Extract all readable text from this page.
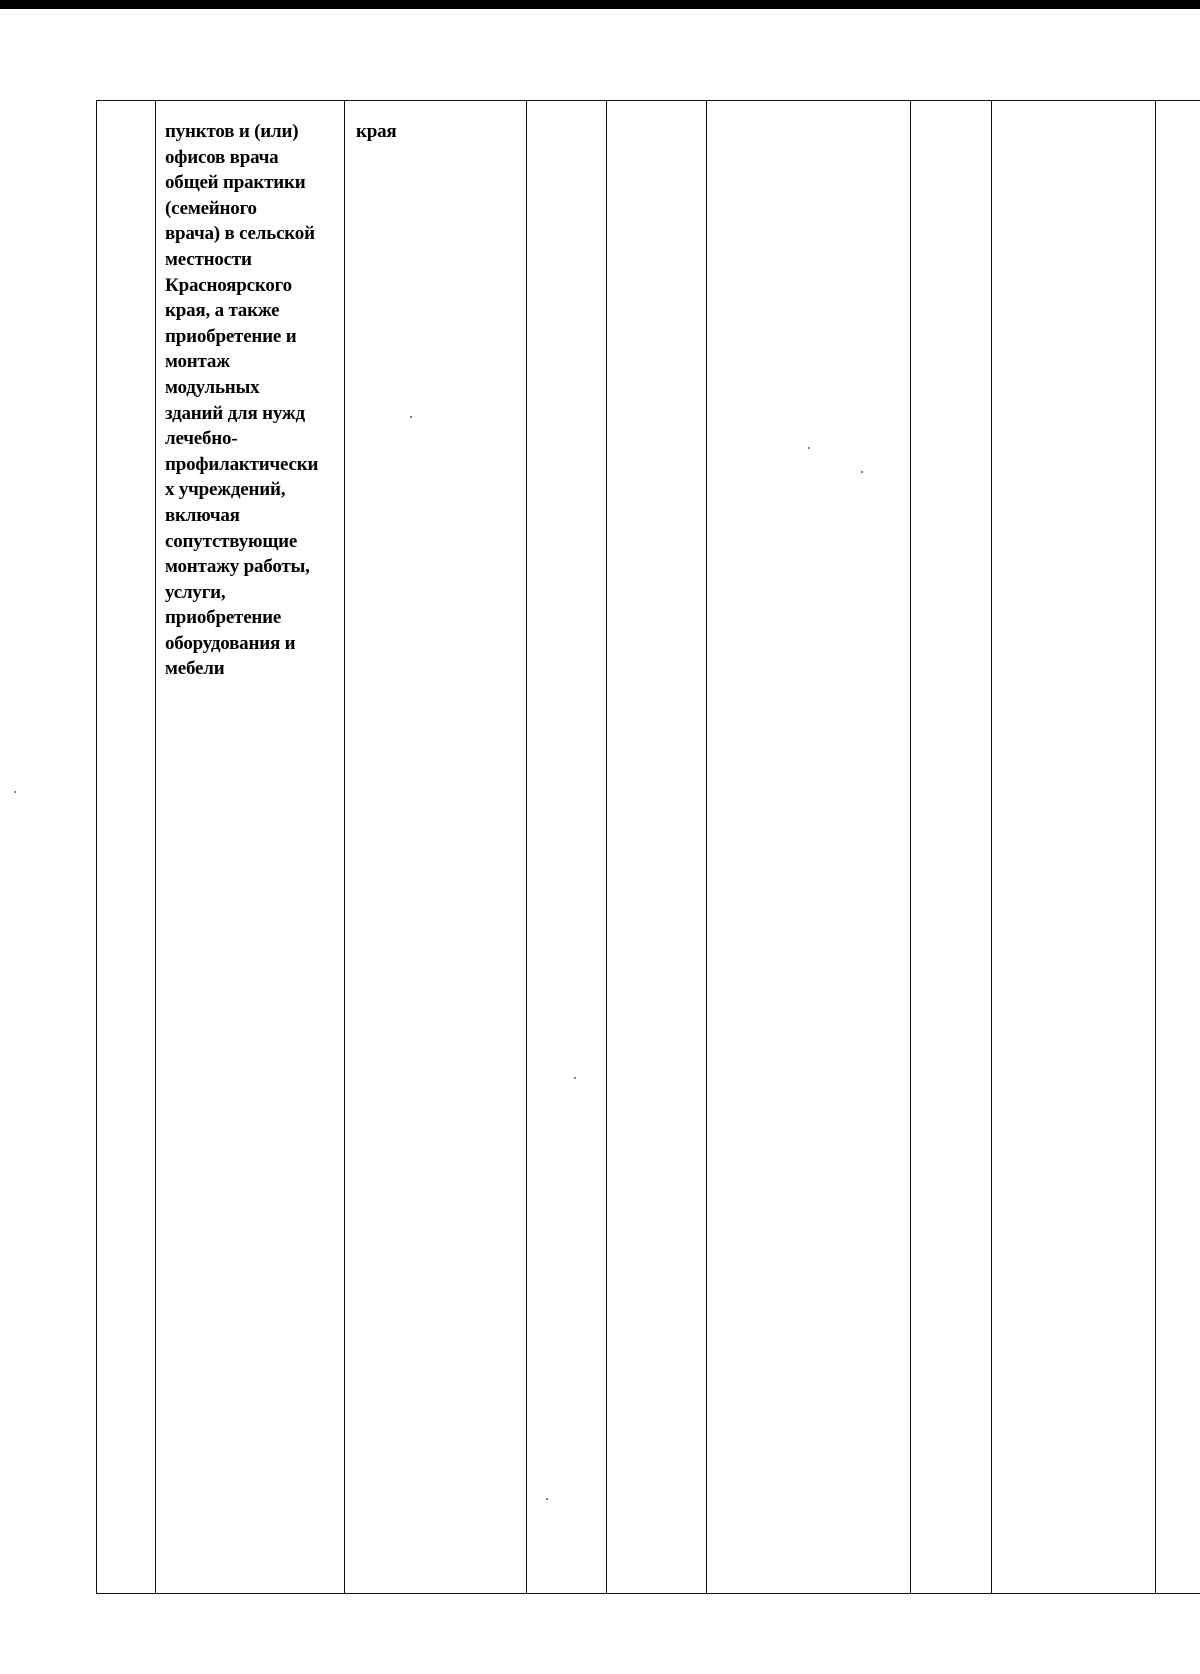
пунктов и (или)
офисов врача
общей практики
(семейного
врача) в сельской
местности
Красноярского
края, а также
приобретение и
монтаж
модульных
зданий для нужд
лечебно-
профилактически
х учреждений,
включая
сопутствующие
монтажу работы,
услуги,
приобретение
оборудования и
мебели
края
